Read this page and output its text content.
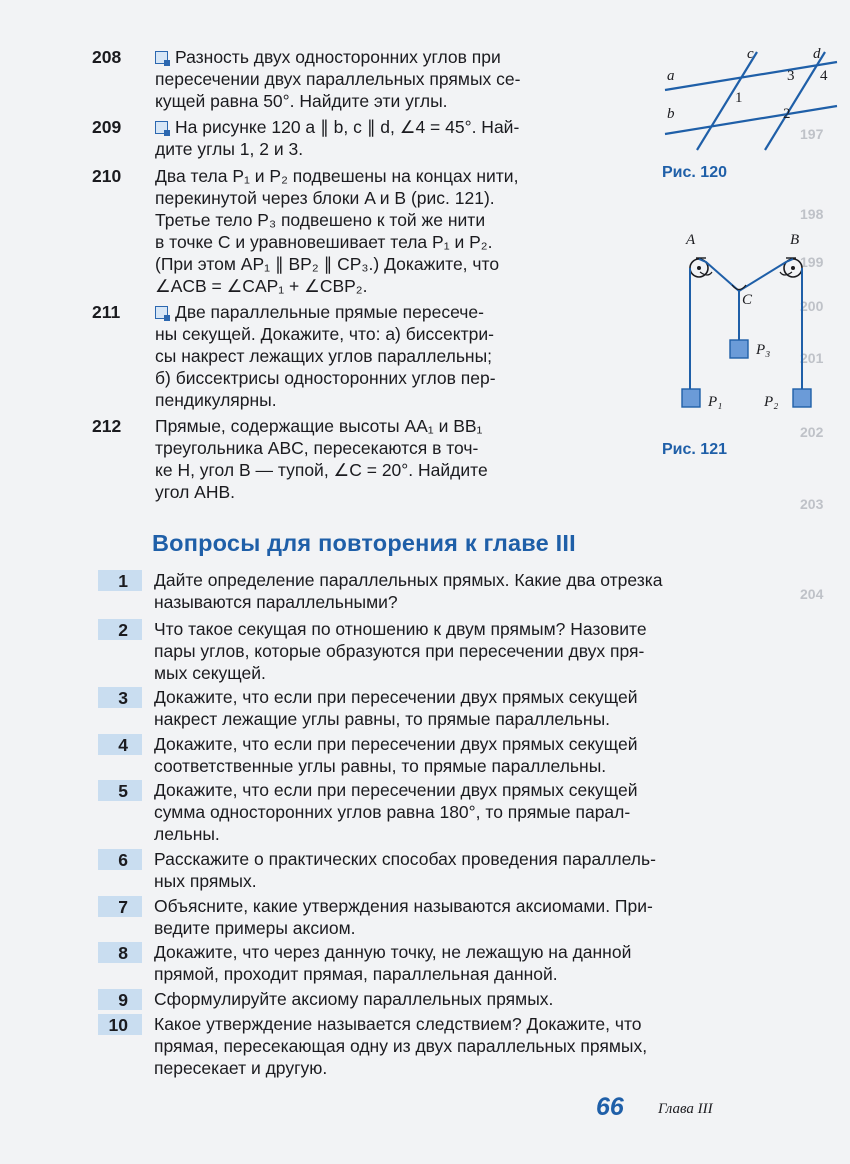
197
198
199
200
201
202
203
204
208	Разность двух односторонних углов при
пересечении двух параллельных прямых се-
кущей равна 50°. Найдите эти углы.
209	На рисунке 120 a ∥ b, c ∥ d, ∠4 = 45°. Най-
дите углы 1, 2 и 3.
210	Два тела P₁ и P₂ подвешены на концах нити,
перекинутой через блоки A и B (рис. 121).
Третье тело P₃ подвешено к той же нити
в точке C и уравновешивает тела P₁ и P₂.
(При этом AP₁ ∥ BP₂ ∥ CP₃.) Докажите, что
∠ACB = ∠CAP₁ + ∠CBP₂.
211	Две параллельные прямые пересече-
ны секущей. Докажите, что: а) биссектри-
сы накрест лежащих углов параллельны;
б) биссектрисы односторонних углов пер-
пендикулярны.
212	Прямые, содержащие высоты AA₁ и BB₁
треугольника ABC, пересекаются в точ-
ке H, угол B — тупой, ∠C = 20°. Найдите
угол AHB.
a
b
c	d
1
2
3 4
Рис. 120
A	B
C
P₁	P₂
P₃
Рис. 121
Вопросы для повторения к главе III
1	Дайте определение параллельных прямых. Какие два отрезка
называются параллельными?
2	Что такое секущая по отношению к двум прямым? Назовите
пары углов, которые образуются при пересечении двух пря-
мых секущей.
3	Докажите, что если при пересечении двух прямых секущей
накрест лежащие углы равны, то прямые параллельны.
4	Докажите, что если при пересечении двух прямых секущей
соответственные углы равны, то прямые параллельны.
5	Докажите, что если при пересечении двух прямых секущей
сумма односторонних углов равна 180°, то прямые парал-
лельны.
6	Расскажите о практических способах проведения параллель-
ных прямых.
7	Объясните, какие утверждения называются аксиомами. При-
ведите примеры аксиом.
8	Докажите, что через данную точку, не лежащую на данной
прямой, проходит прямая, параллельная данной.
9	Сформулируйте аксиому параллельных прямых.
10	Какое утверждение называется следствием? Докажите, что
прямая, пересекающая одну из двух параллельных прямых,
пересекает и другую.
66 Глава III
